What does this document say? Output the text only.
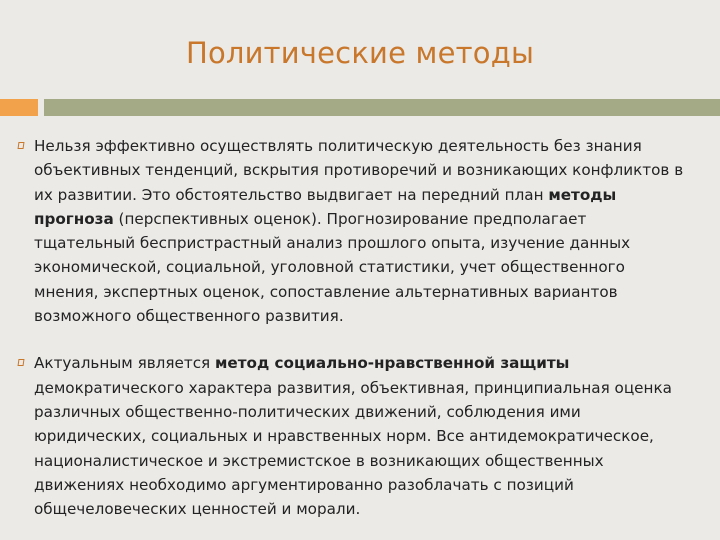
Политические методы

Нельзя эффективно осуществлять политическую деятельность без знания объективных тенденций, вскрытия противоречий и возникающих конфликтов в их развитии. Это обстоятельство выдвигает на передний план методы прогноза (перспективных оценок). Прогнозирование предполагает тщательный беспристрастный анализ прошлого опыта, изучение данных экономической, социальной, уголовной статистики, учет общественного мнения, экспертных оценок, сопоставление альтернативных вариантов возможного общественного развития.

Актуальным является метод социально-нравственной защиты демократического характера развития, объективная, принципиальная оценка различных общественно-политических движений, соблюдения ими юридических, социальных и нравственных норм. Все антидемократическое, националистическое и экстремистское в возникающих общественных движениях необходимо аргументированно разоблачать с позиций общечеловеческих ценностей и морали.
